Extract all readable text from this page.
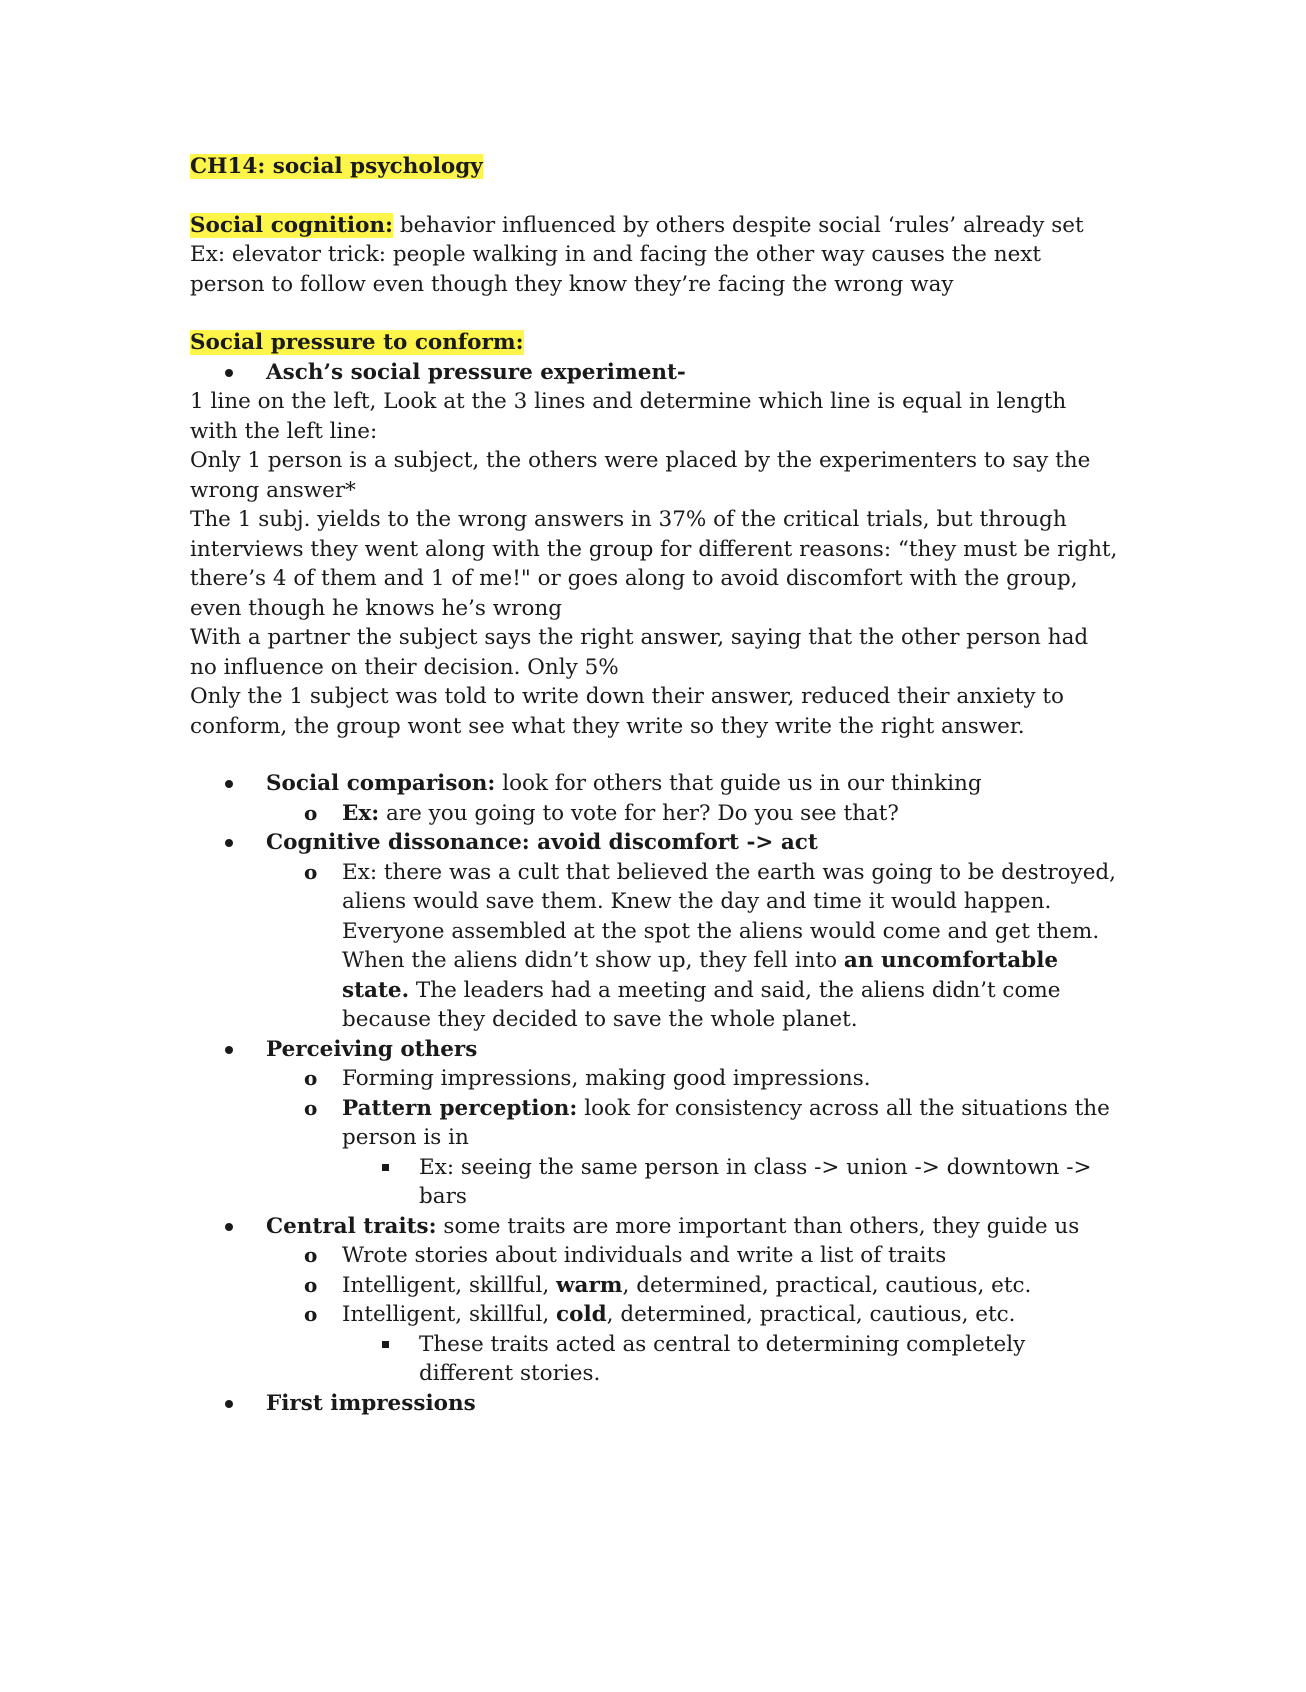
CH14: social psychology

Social cognition: behavior influenced by others despite social ‘rules’ already set

Ex: elevator trick: people walking in and facing the other way causes the next person to follow even though they know they’re facing the wrong way

Social pressure to conform:

Asch’s social pressure experiment-

1 line on the left, Look at the 3 lines and determine which line is equal in length with the left line:

Only 1 person is a subject, the others were placed by the experimenters to say the wrong answer*

The 1 subj. yields to the wrong answers in 37% of the critical trials, but through interviews they went along with the group for different reasons: “they must be right, there’s 4 of them and 1 of me!" or goes along to avoid discomfort with the group, even though he knows he’s wrong

With a partner the subject says the right answer, saying that the other person had no influence on their decision. Only 5%

Only the 1 subject was told to write down their answer, reduced their anxiety to conform, the group wont see what they write so they write the right answer.

Social comparison: look for others that guide us in our thinking
o Ex: are you going to vote for her? Do you see that?
Cognitive dissonance: avoid discomfort -> act
o Ex: there was a cult that believed the earth was going to be destroyed, aliens would save them. Knew the day and time it would happen. Everyone assembled at the spot the aliens would come and get them. When the aliens didn’t show up, they fell into an uncomfortable state. The leaders had a meeting and said, the aliens didn’t come because they decided to save the whole planet.
Perceiving others
o Forming impressions, making good impressions.
o Pattern perception: look for consistency across all the situations the person is in
Ex: seeing the same person in class -> union -> downtown -> bars
Central traits: some traits are more important than others, they guide us
o Wrote stories about individuals and write a list of traits
o Intelligent, skillful, warm, determined, practical, cautious, etc.
o Intelligent, skillful, cold, determined, practical, cautious, etc.
These traits acted as central to determining completely different stories.
First impressions
